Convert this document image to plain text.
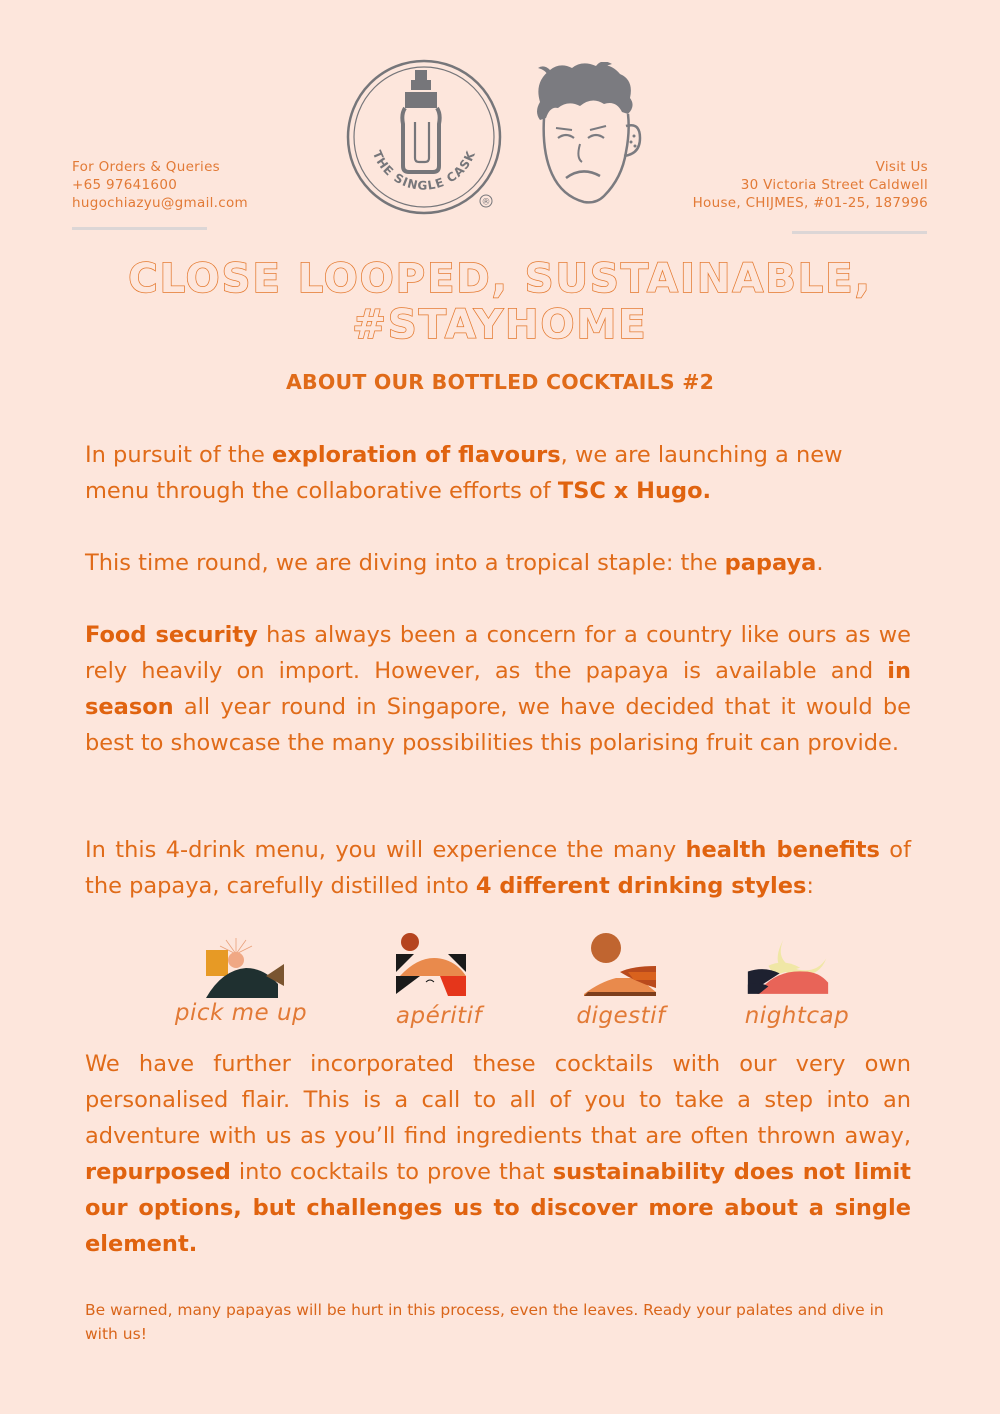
For Orders & Queries
+65 97641600
hugochiazyu@gmail.com
Visit Us
30 Victoria Street Caldwell
House, CHIJMES, #01-25, 187996
THE SINGLE CASK
®
CLOSE LOOPED, SUSTAINABLE, #STAYHOME
ABOUT OUR BOTTLED COCKTAILS #2
In pursuit of the exploration of flavours, we are launching a new menu through the collaborative efforts of TSC x Hugo.
This time round, we are diving into a tropical staple: the papaya.
Food security has always been a concern for a country like ours as we rely heavily on import. However, as the papaya is available and in season all year round in Singapore, we have decided that it would be best to showcase the many possibilities this polarising fruit can provide.
In this 4-drink menu, you will experience the many health benefits of the papaya, carefully distilled into 4 different drinking styles:
pick me up	apéritif	digestif	nightcap
We have further incorporated these cocktails with our very own personalised flair. This is a call to all of you to take a step into an adventure with us as you’ll find ingredients that are often thrown away, repurposed into cocktails to prove that sustainability does not limit our options, but challenges us to discover more about a single element.
Be warned, many papayas will be hurt in this process, even the leaves. Ready your palates and dive in with us!
